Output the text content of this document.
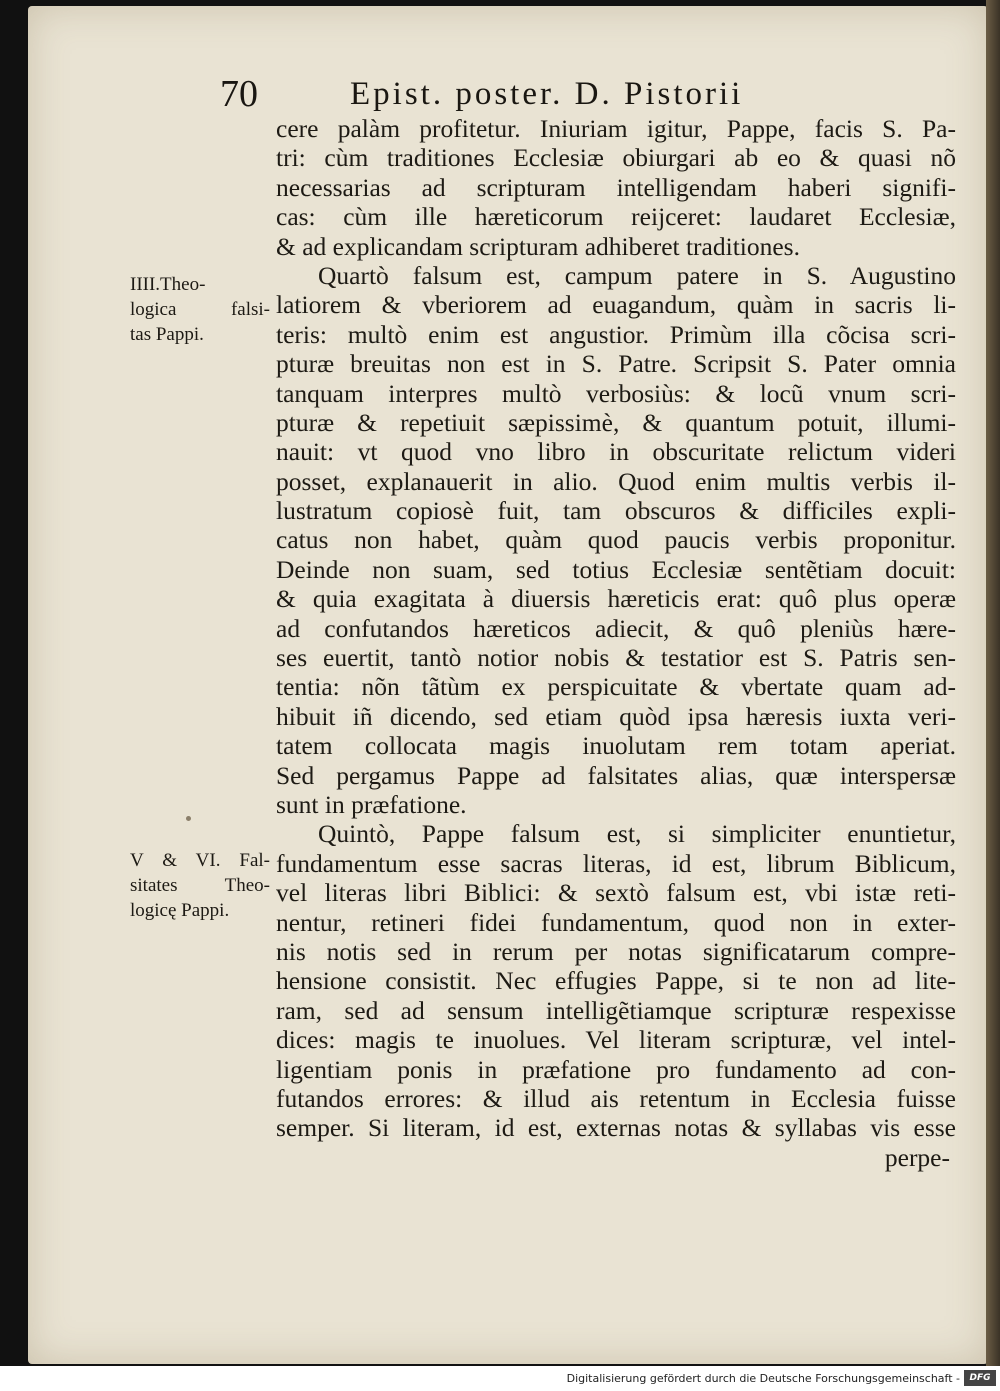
70	Epist. poster. D. Pistorii
IIII.Theo-
logica falsi-
tas Pappi.
V & VI. Fal-
sitates Theo-
logicę Pappi.
cere palàm profitetur. Iniuriam igitur, Pappe, facis S. Pa-
tri: cùm traditiones Ecclesiæ obiurgari ab eo & quasi nõ
necessarias ad scripturam intelligendam haberi signifi-
cas: cùm ille hæreticorum reijceret: laudaret Ecclesiæ,
& ad explicandam scripturam adhiberet traditiones.
Quartò falsum est, campum patere in S. Augustino
latiorem & vberiorem ad euagandum, quàm in sacris li-
teris: multò enim est angustior. Primùm illa cõcisa scri-
pturæ breuitas non est in S. Patre. Scripsit S. Pater omnia
tanquam interpres multò verbosiùs: & locũ vnum scri-
pturæ & repetiuit sæpissimè, & quantum potuit, illumi-
nauit: vt quod vno libro in obscuritate relictum videri
posset, explanauerit in alio. Quod enim multis verbis il-
lustratum copiosè fuit, tam obscuros & difficiles expli-
catus non habet, quàm quod paucis verbis proponitur.
Deinde non suam, sed totius Ecclesiæ sentẽtiam docuit:
& quia exagitata à diuersis hæreticis erat: quô plus operæ
ad confutandos hæreticos adiecit, & quô pleniùs hære-
ses euertit, tantò notior nobis & testatior est S. Patris sen-
tentia: nõn tãtùm ex perspicuitate & vbertate quam ad-
hibuit iñ dicendo, sed etiam quòd ipsa hæresis iuxta veri-
tatem collocata magis inuolutam rem totam aperiat.
Sed pergamus Pappe ad falsitates alias, quæ interspersæ
sunt in præfatione.
Quintò, Pappe falsum est, si simpliciter enuntietur,
fundamentum esse sacras literas, id est, librum Biblicum,
vel literas libri Biblici: & sextò falsum est, vbi istæ reti-
nentur, retineri fidei fundamentum, quod non in exter-
nis notis sed in rerum per notas significatarum compre-
hensione consistit. Nec effugies Pappe, si te non ad lite-
ram, sed ad sensum intelligẽtiamque scripturæ respexisse
dices: magis te inuolues. Vel literam scripturæ, vel intel-
ligentiam ponis in præfatione pro fundamento ad con-
futandos errores: & illud ais retentum in Ecclesia fuisse
semper. Si literam, id est, externas notas & syllabas vis esse
perpe-
Digitalisierung gefördert durch die Deutsche Forschungsgemeinschaft -	DFG
